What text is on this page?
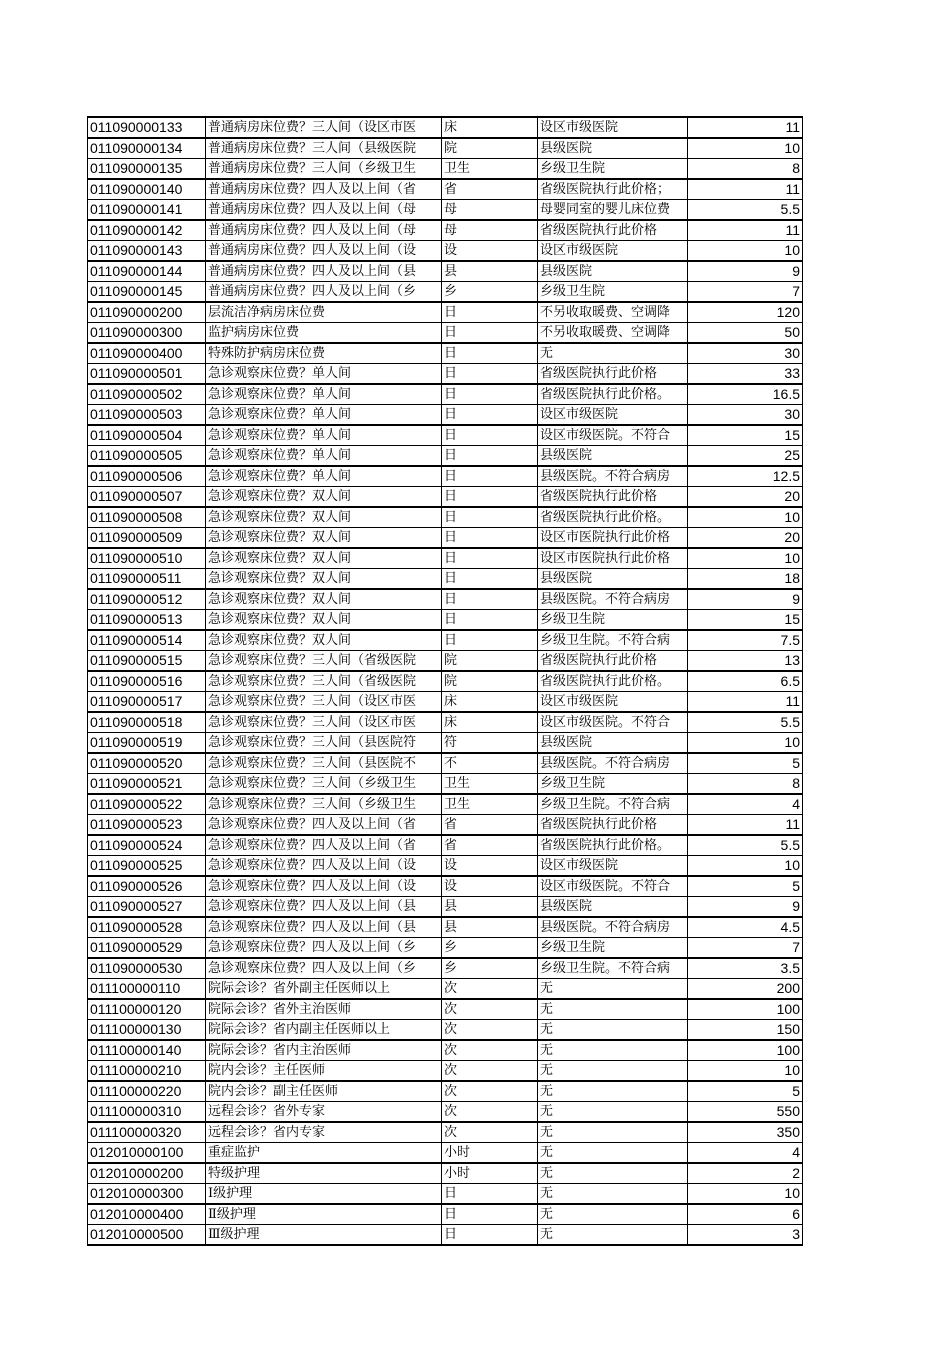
011090000133	普通病房床位费？三人间（设区市医	床	设区市级医院	11
011090000134	普通病房床位费？三人间（县级医院	院	县级医院	10
011090000135	普通病房床位费？三人间（乡级卫生	卫生	乡级卫生院	8
011090000140	普通病房床位费？四人及以上间（省	省	省级医院执行此价格；	11
011090000141	普通病房床位费？四人及以上间（母	母	母婴同室的婴儿床位费	5.5
011090000142	普通病房床位费？四人及以上间（母	母	省级医院执行此价格	11
011090000143	普通病房床位费？四人及以上间（设	设	设区市级医院	10
011090000144	普通病房床位费？四人及以上间（县	县	县级医院	9
011090000145	普通病房床位费？四人及以上间（乡	乡	乡级卫生院	7
011090000200	层流洁净病房床位费	日	不另收取暖费、空调降	120
011090000300	监护病房床位费	日	不另收取暖费、空调降	50
011090000400	特殊防护病房床位费	日	无	30
011090000501	急诊观察床位费？单人间	日	省级医院执行此价格	33
011090000502	急诊观察床位费？单人间	日	省级医院执行此价格。	16.5
011090000503	急诊观察床位费？单人间	日	设区市级医院	30
011090000504	急诊观察床位费？单人间	日	设区市级医院。不符合	15
011090000505	急诊观察床位费？单人间	日	县级医院	25
011090000506	急诊观察床位费？单人间	日	县级医院。不符合病房	12.5
011090000507	急诊观察床位费？双人间	日	省级医院执行此价格	20
011090000508	急诊观察床位费？双人间	日	省级医院执行此价格。	10
011090000509	急诊观察床位费？双人间	日	设区市医院执行此价格	20
011090000510	急诊观察床位费？双人间	日	设区市医院执行此价格	10
011090000511	急诊观察床位费？双人间	日	县级医院	18
011090000512	急诊观察床位费？双人间	日	县级医院。不符合病房	9
011090000513	急诊观察床位费？双人间	日	乡级卫生院	15
011090000514	急诊观察床位费？双人间	日	乡级卫生院。不符合病	7.5
011090000515	急诊观察床位费？三人间（省级医院	院	省级医院执行此价格	13
011090000516	急诊观察床位费？三人间（省级医院	院	省级医院执行此价格。	6.5
011090000517	急诊观察床位费？三人间（设区市医	床	设区市级医院	11
011090000518	急诊观察床位费？三人间（设区市医	床	设区市级医院。不符合	5.5
011090000519	急诊观察床位费？三人间（县医院符	符	县级医院	10
011090000520	急诊观察床位费？三人间（县医院不	不	县级医院。不符合病房	5
011090000521	急诊观察床位费？三人间（乡级卫生	卫生	乡级卫生院	8
011090000522	急诊观察床位费？三人间（乡级卫生	卫生	乡级卫生院。不符合病	4
011090000523	急诊观察床位费？四人及以上间（省	省	省级医院执行此价格	11
011090000524	急诊观察床位费？四人及以上间（省	省	省级医院执行此价格。	5.5
011090000525	急诊观察床位费？四人及以上间（设	设	设区市级医院	10
011090000526	急诊观察床位费？四人及以上间（设	设	设区市级医院。不符合	5
011090000527	急诊观察床位费？四人及以上间（县	县	县级医院	9
011090000528	急诊观察床位费？四人及以上间（县	县	县级医院。不符合病房	4.5
011090000529	急诊观察床位费？四人及以上间（乡	乡	乡级卫生院	7
011090000530	急诊观察床位费？四人及以上间（乡	乡	乡级卫生院。不符合病	3.5
011100000110	院际会诊？省外副主任医师以上	次	无	200
011100000120	院际会诊？省外主治医师	次	无	100
011100000130	院际会诊？省内副主任医师以上	次	无	150
011100000140	院际会诊？省内主治医师	次	无	100
011100000210	院内会诊？主任医师	次	无	10
011100000220	院内会诊？副主任医师	次	无	5
011100000310	远程会诊？省外专家	次	无	550
011100000320	远程会诊？省内专家	次	无	350
012010000100	重症监护	小时	无	4
012010000200	特级护理	小时	无	2
012010000300	Ⅰ级护理	日	无	10
012010000400	Ⅱ级护理	日	无	6
012010000500	Ⅲ级护理	日	无	3
